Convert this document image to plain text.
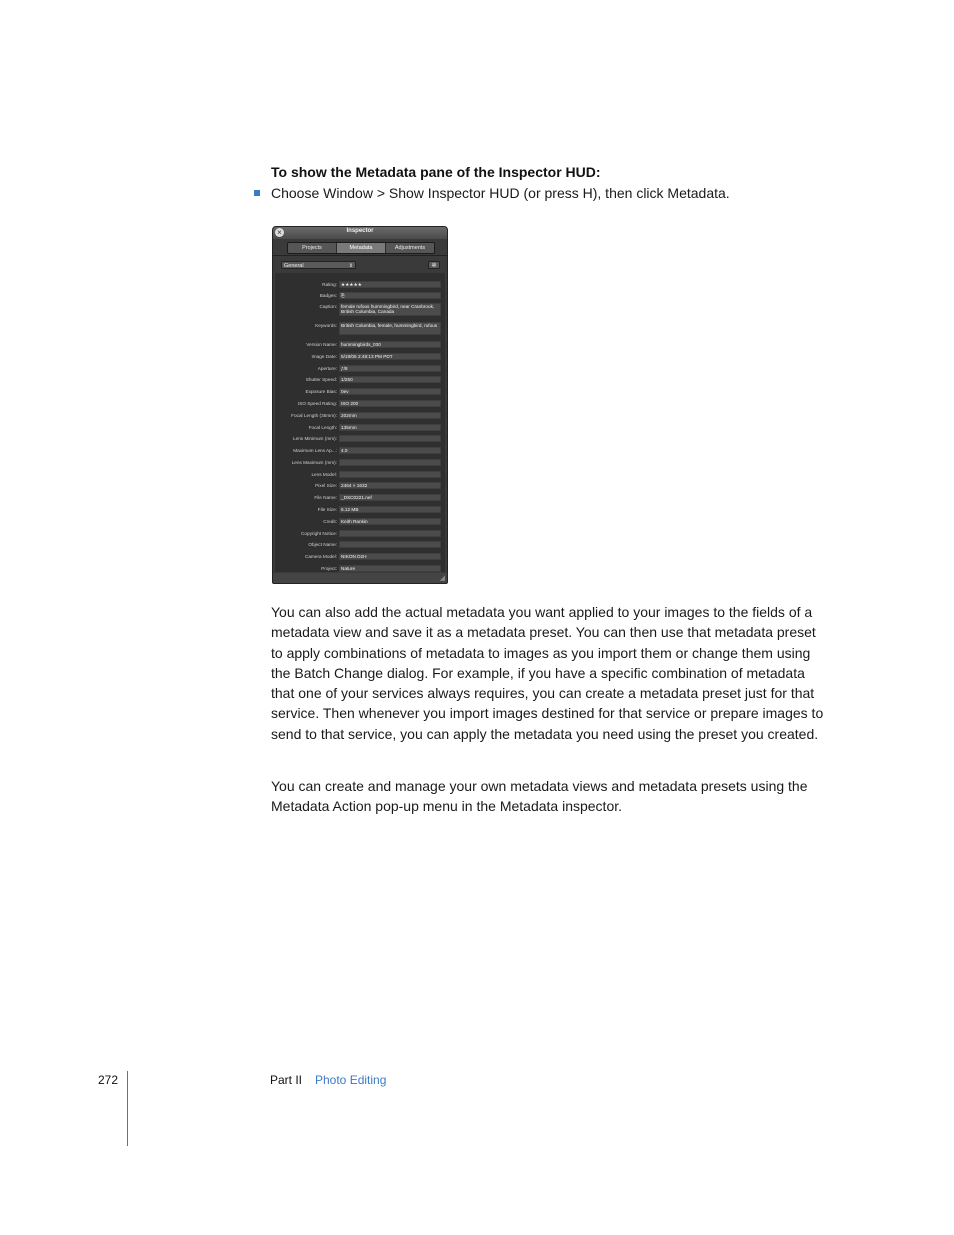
To show the Metadata pane of the Inspector HUD:
Choose Window > Show Inspector HUD (or press H), then click Metadata.
×	Inspector
Projects	Metadata	Adjustments
General	⇕	✲
Rating: ★★★★★
Badges: ⎘
Caption: female rufous hummingbird, near Cranbrook, British Columbia, Canada
Keywords: British Columbia, female, hummingbird, rufous
Version Name: hummingbirds_030
Image Date: 5/19/05 2:48:13 PM PDT
Aperture: ƒ/8
Shutter Speed: 1/250
Exposure Bias: 0ev
ISO Speed Rating: ISO 200
Focal Length (35mm): 202mm
Focal Length: 135mm
Lens Minimum (mm):
Maximum Lens Ap...: 4.0
Lens Maximum (mm):
Lens Model:
Pixel Size: 2464 × 1632
File Name: _DSC0221.nef
File Size: 6.12 MB
Credit: Keith Rankin
Copyright Notice:
Object Name:
Camera Model: NIKON D2H
Project: Nature
◢

You can also add the actual metadata you want applied to your images to the fields of a metadata view and save it as a metadata preset. You can then use that metadata preset to apply combinations of metadata to images as you import them or change them using the Batch Change dialog. For example, if you have a specific combination of metadata that one of your services always requires, you can create a metadata preset just for that service. Then whenever you import images destined for that service or prepare images to send to that service, you can apply the metadata you need using the preset you created.

You can create and manage your own metadata views and metadata presets using the Metadata Action pop-up menu in the Metadata inspector.

272	Part II Photo Editing
